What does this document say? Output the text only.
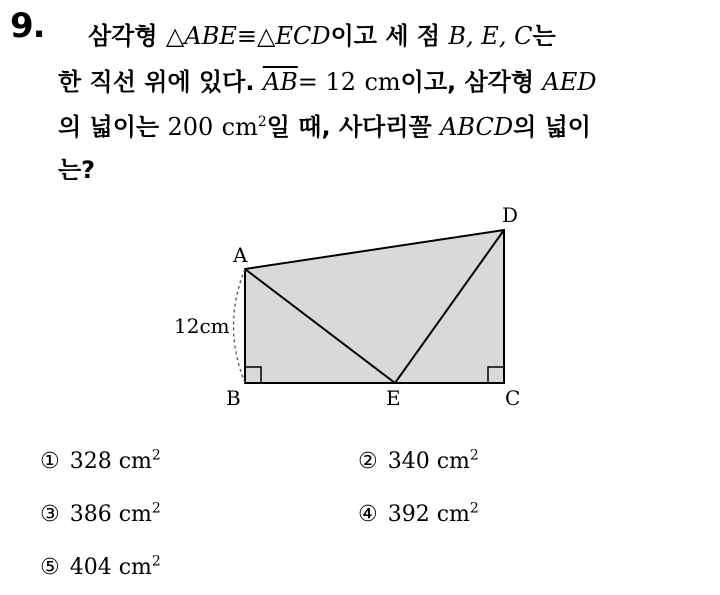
9. 삼각형 △ABE≡△ECD이고 세 점 B, E, C는
한 직선 위에 있다. $\overline{AB}= 12$ cm이고, 삼각형 AED
의 넓이는 200 $cm^2$일 때, 사다리꼴 ABCD의 넓이
는?
A
B	C
D
E
12cm
① 328 $cm^2$	② 340 $cm^2$
③ 386 $cm^2$	④ 392 $cm^2$
⑤ 404 $cm^2$
